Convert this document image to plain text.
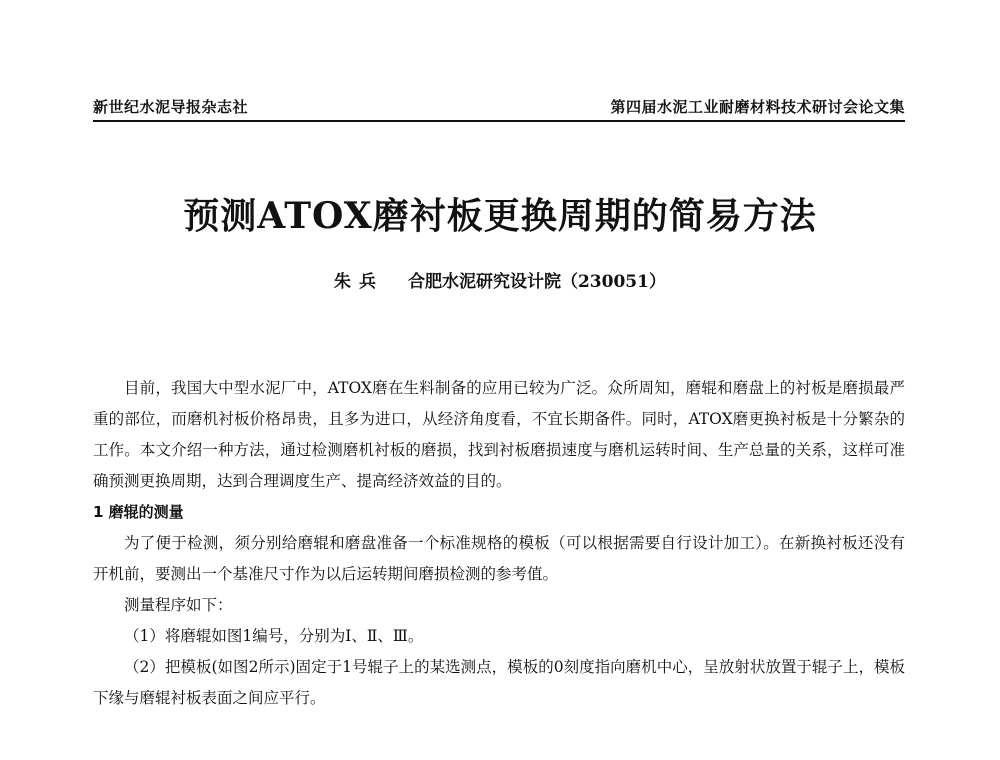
新世纪水泥导报杂志社	第四届水泥工业耐磨材料技术研讨会论文集
预测ATOX磨衬板更换周期的简易方法
朱兵 合肥水泥研究设计院（230051）

目前，我国大中型水泥厂中，ATOX磨在生料制备的应用已较为广泛。众所周知，磨辊和磨盘上的衬板是磨损最严重的部位，而磨机衬板价格昂贵，且多为进口，从经济角度看，不宜长期备件。同时，ATOX磨更换衬板是十分繁杂的工作。本文介绍一种方法，通过检测磨机衬板的磨损，找到衬板磨损速度与磨机运转时间、生产总量的关系，这样可准确预测更换周期，达到合理调度生产、提高经济效益的目的。

1 磨辊的测量

为了便于检测，须分别给磨辊和磨盘准备一个标准规格的模板（可以根据需要自行设计加工）。在新换衬板还没有开机前，要测出一个基准尺寸作为以后运转期间磨损检测的参考值。

测量程序如下：

（1）将磨辊如图1编号，分别为Ⅰ、Ⅱ、Ⅲ。

（2）把模板(如图2所示)固定于1号辊子上的某选测点，模板的0刻度指向磨机中心，呈放射状放置于辊子上，模板下缘与磨辊衬板表面之间应平行。
